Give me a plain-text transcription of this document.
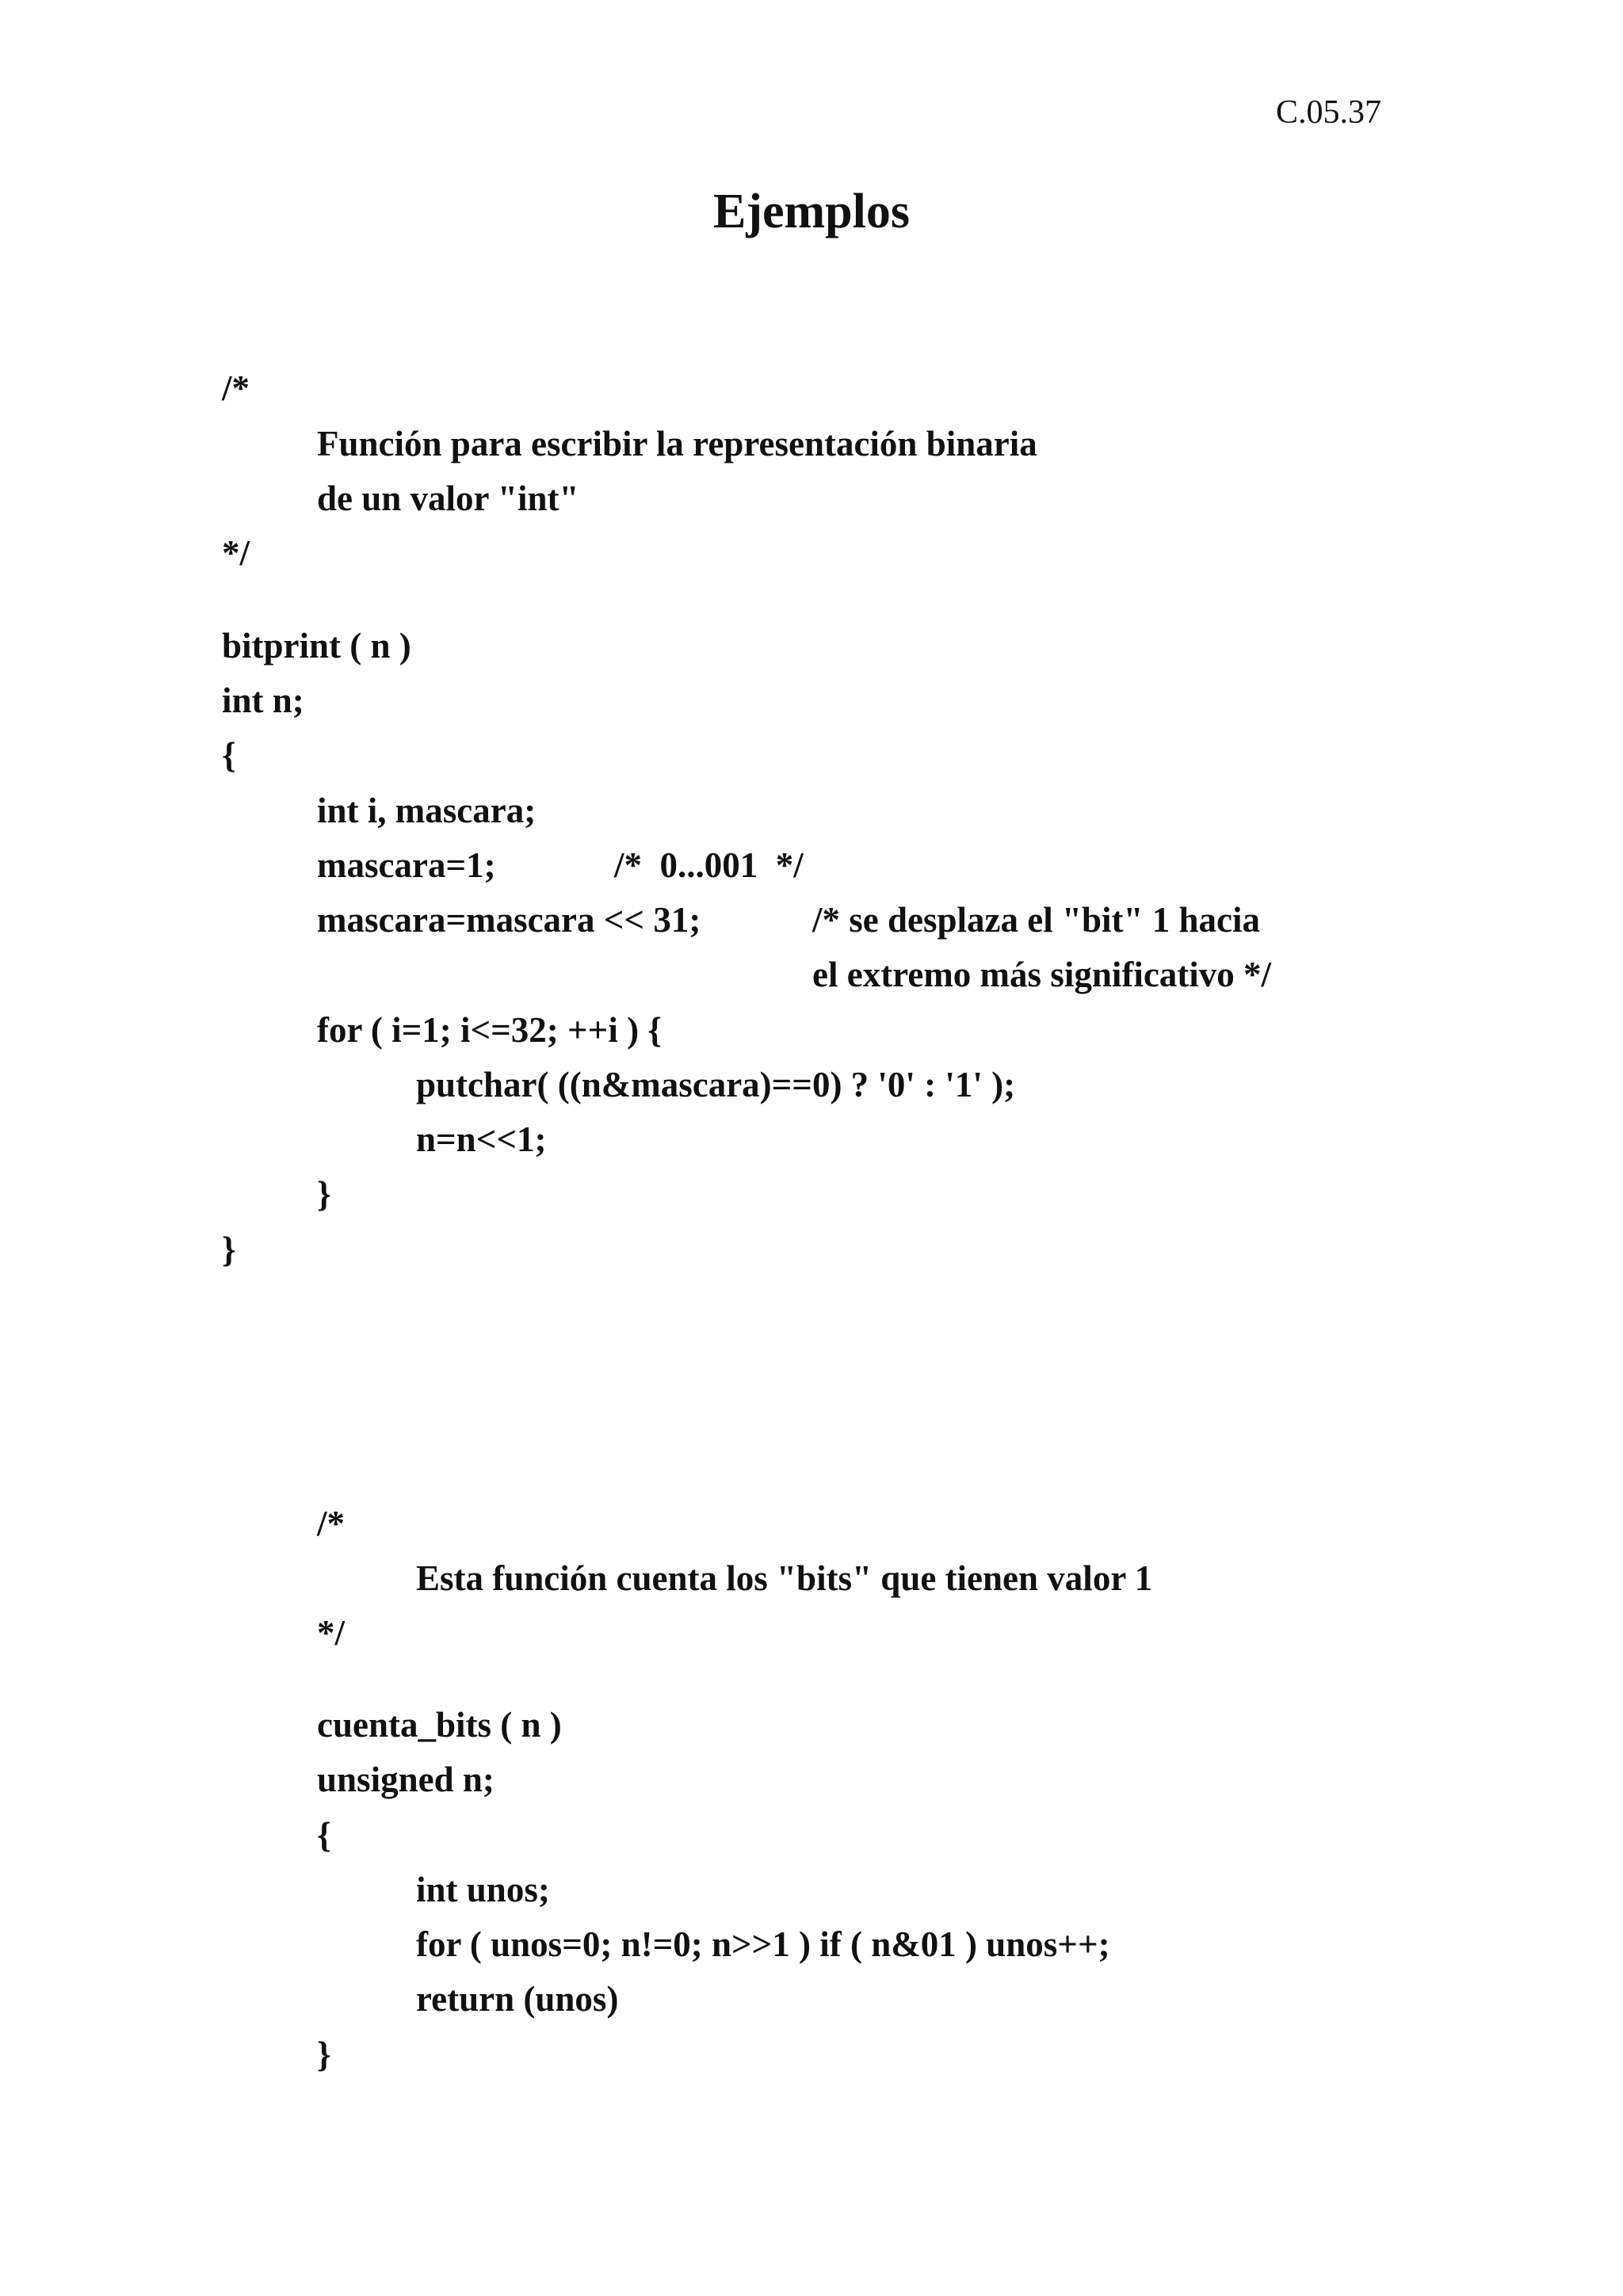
C.05.37
Ejemplos
/*
Función para escribir la representación binaria
de un valor "int"
*/
bitprint ( n )
int n;
{
int i, mascara;
mascara=1;	/*  0...001  */
mascara=mascara << 31;	/* se desplaza el "bit" 1 hacia
el extremo más significativo */
for ( i=1; i<=32; ++i ) {
putchar( ((n&mascara)==0) ? '0' : '1' );
n=n<<1;
}
}
/*
Esta función cuenta los "bits" que tienen valor 1
*/
cuenta_bits ( n )
unsigned n;
{
int unos;
for ( unos=0; n!=0; n>>1 ) if ( n&01 ) unos++;
return (unos)
}
